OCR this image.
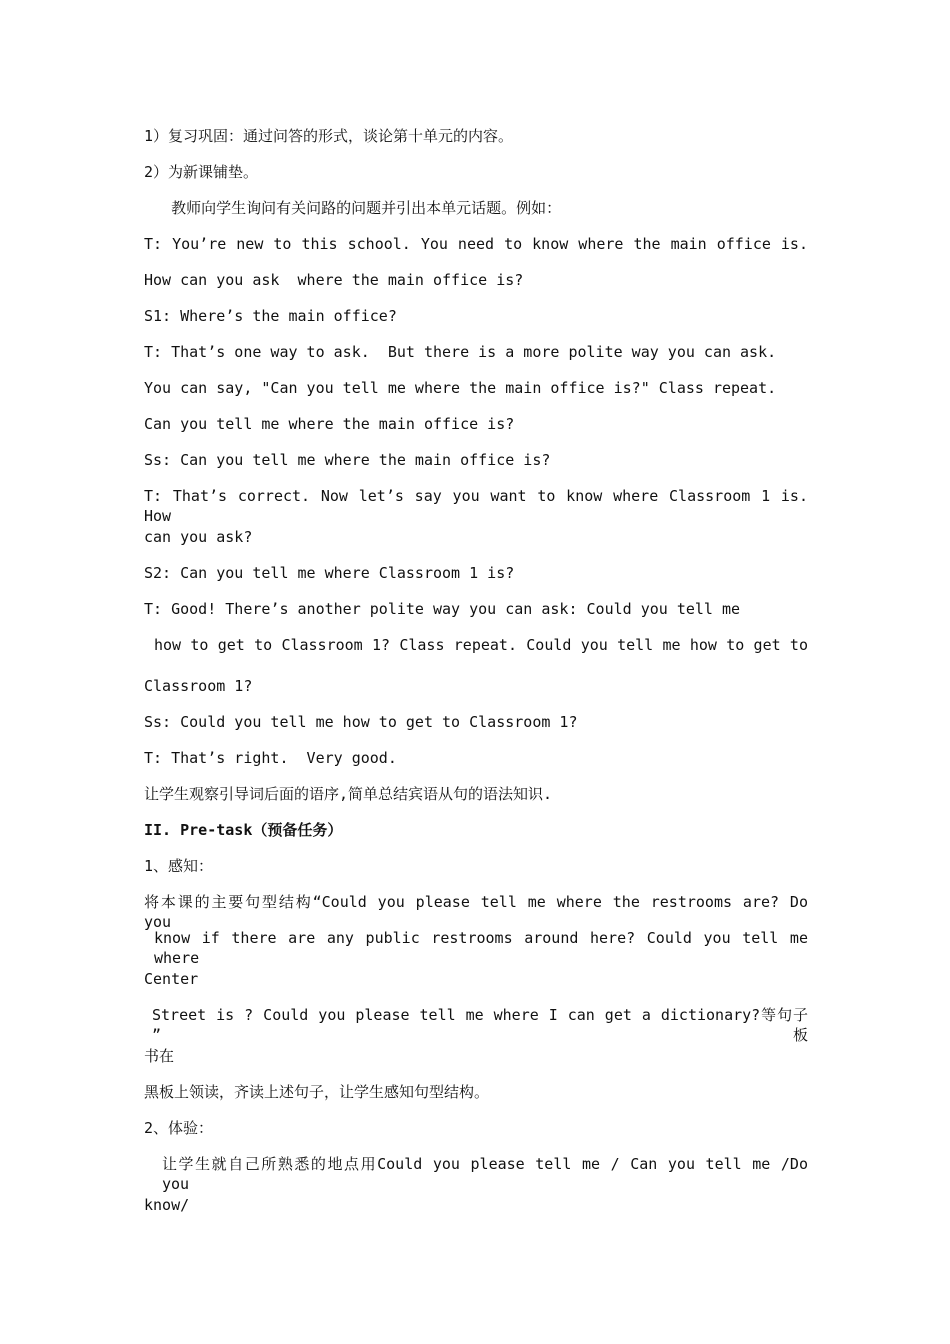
1）复习巩固：通过问答的形式，谈论第十单元的内容。
2）为新课铺垫。
教师向学生询问有关问路的问题并引出本单元话题。例如：
T: You’re new to this school. You need to know where the main office is.
How can you ask  where the main office is?
S1: Where’s the main office?
T: That’s one way to ask.  But there is a more polite way you can ask.
You can say, "Can you tell me where the main office is?" Class repeat.
Can you tell me where the main office is?
Ss: Can you tell me where the main office is?
T: That’s correct. Now let’s say you want to know where Classroom 1 is. How
can you ask?
S2: Can you tell me where Classroom 1 is?
T: Good! There’s another polite way you can ask: Could you tell me
how to get to Classroom 1? Class repeat. Could you tell me how to get to
Classroom 1?
Ss: Could you tell me how to get to Classroom 1?
T: That’s right.  Very good.
让学生观察引导词后面的语序,简单总结宾语从句的语法知识.
II. Pre-task（预备任务）
1、感知：
将本课的主要句型结构“Could you please tell me where the restrooms are? Do you
know if there are any public restrooms around here? Could you tell me where
Center
Street is ? Could you please tell me where I can get a dictionary?等句子 ”板
书在
黑板上领读，齐读上述句子，让学生感知句型结构。
2、体验：
让学生就自己所熟悉的地点用Could you please tell me / Can you tell me /Do you
know/
